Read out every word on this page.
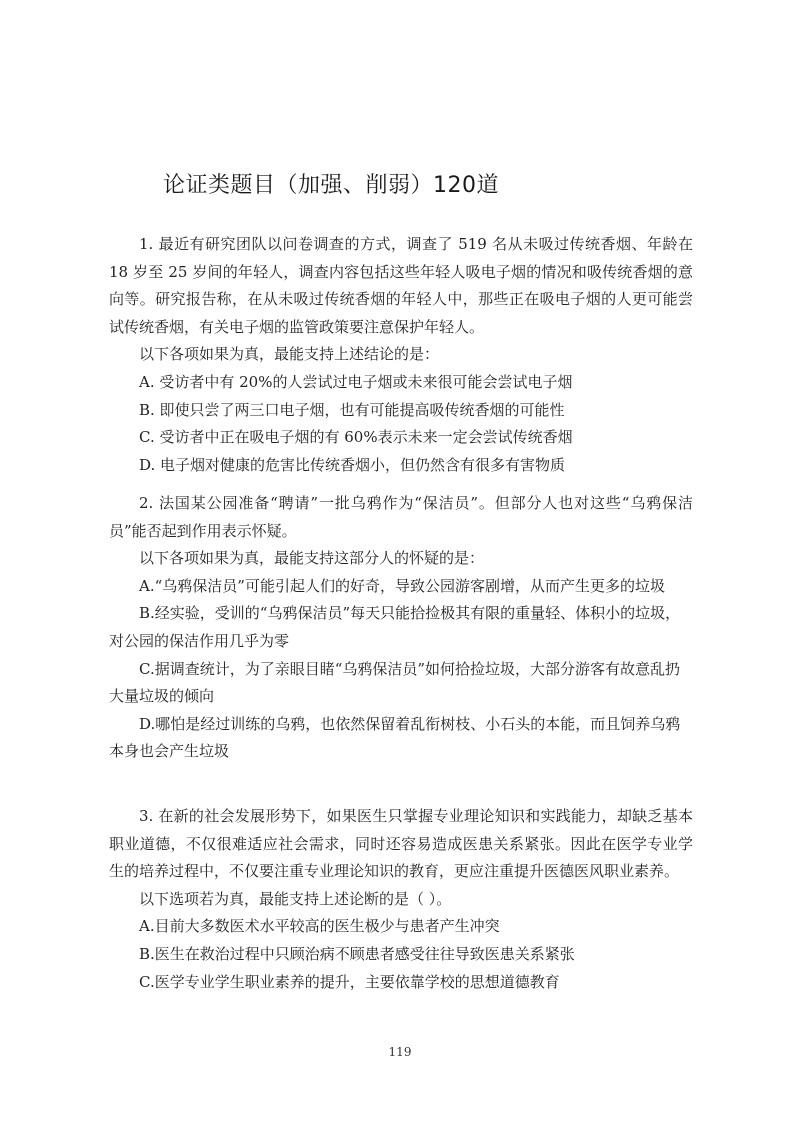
论证类题目（加强、削弱）120道

1. 最近有研究团队以问卷调查的方式，调查了 519 名从未吸过传统香烟、年龄在 18 岁至 25 岁间的年轻人，调查内容包括这些年轻人吸电子烟的情况和吸传统香烟的意向等。研究报告称，在从未吸过传统香烟的年轻人中，那些正在吸电子烟的人更可能尝试传统香烟，有关电子烟的监管政策要注意保护年轻人。

以下各项如果为真，最能支持上述结论的是：

A. 受访者中有 20%的人尝试过电子烟或未来很可能会尝试电子烟

B. 即使只尝了两三口电子烟，也有可能提高吸传统香烟的可能性

C. 受访者中正在吸电子烟的有 60%表示未来一定会尝试传统香烟

D. 电子烟对健康的危害比传统香烟小，但仍然含有很多有害物质

2. 法国某公园准备“聘请”一批乌鸦作为“保洁员”。但部分人也对这些“乌鸦保洁员”能否起到作用表示怀疑。

以下各项如果为真，最能支持这部分人的怀疑的是：

A.“乌鸦保洁员”可能引起人们的好奇，导致公园游客剧增，从而产生更多的垃圾

B.经实验，受训的“乌鸦保洁员”每天只能拾捡极其有限的重量轻、体积小的垃圾，对公园的保洁作用几乎为零

C.据调查统计，为了亲眼目睹“乌鸦保洁员”如何拾捡垃圾，大部分游客有故意乱扔大量垃圾的倾向

D.哪怕是经过训练的乌鸦，也依然保留着乱衔树枝、小石头的本能，而且饲养乌鸦本身也会产生垃圾

3. 在新的社会发展形势下，如果医生只掌握专业理论知识和实践能力，却缺乏基本职业道德，不仅很难适应社会需求，同时还容易造成医患关系紧张。因此在医学专业学生的培养过程中，不仅要注重专业理论知识的教育，更应注重提升医德医风职业素养。

以下选项若为真，最能支持上述论断的是（ ）。

A.目前大多数医术水平较高的医生极少与患者产生冲突

B.医生在救治过程中只顾治病不顾患者感受往往导致医患关系紧张

C.医学专业学生职业素养的提升，主要依靠学校的思想道德教育

119
